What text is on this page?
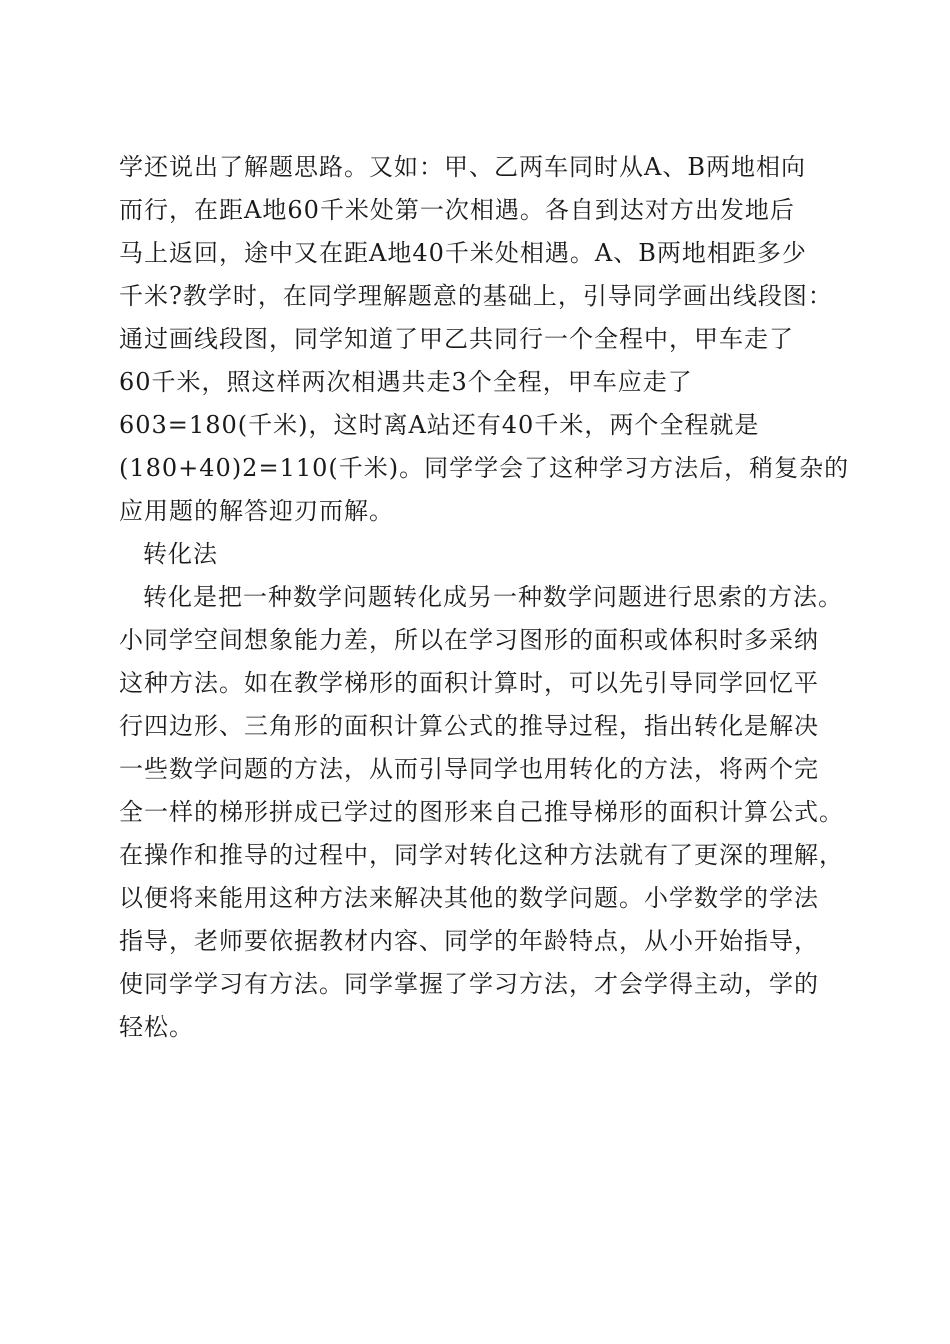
学还说出了解题思路。又如：甲、乙两车同时从A、B两地相向
而行，在距A地60千米处第一次相遇。各自到达对方出发地后
马上返回，途中又在距A地40千米处相遇。A、B两地相距多少
千米?教学时，在同学理解题意的基础上，引导同学画出线段图：
通过画线段图，同学知道了甲乙共同行一个全程中，甲车走了
60千米，照这样两次相遇共走3个全程，甲车应走了
603=180(千米)，这时离A站还有40千米，两个全程就是
(180+40)2=110(千米)。同学学会了这种学习方法后，稍复杂的
应用题的解答迎刃而解。
转化法
转化是把一种数学问题转化成另一种数学问题进行思索的方法。
小同学空间想象能力差，所以在学习图形的面积或体积时多采纳
这种方法。如在教学梯形的面积计算时，可以先引导同学回忆平
行四边形、三角形的面积计算公式的推导过程，指出转化是解决
一些数学问题的方法，从而引导同学也用转化的方法，将两个完
全一样的梯形拼成已学过的图形来自己推导梯形的面积计算公式。
在操作和推导的过程中，同学对转化这种方法就有了更深的理解，
以便将来能用这种方法来解决其他的数学问题。小学数学的学法
指导，老师要依据教材内容、同学的年龄特点，从小开始指导，
使同学学习有方法。同学掌握了学习方法，才会学得主动，学的
轻松。
